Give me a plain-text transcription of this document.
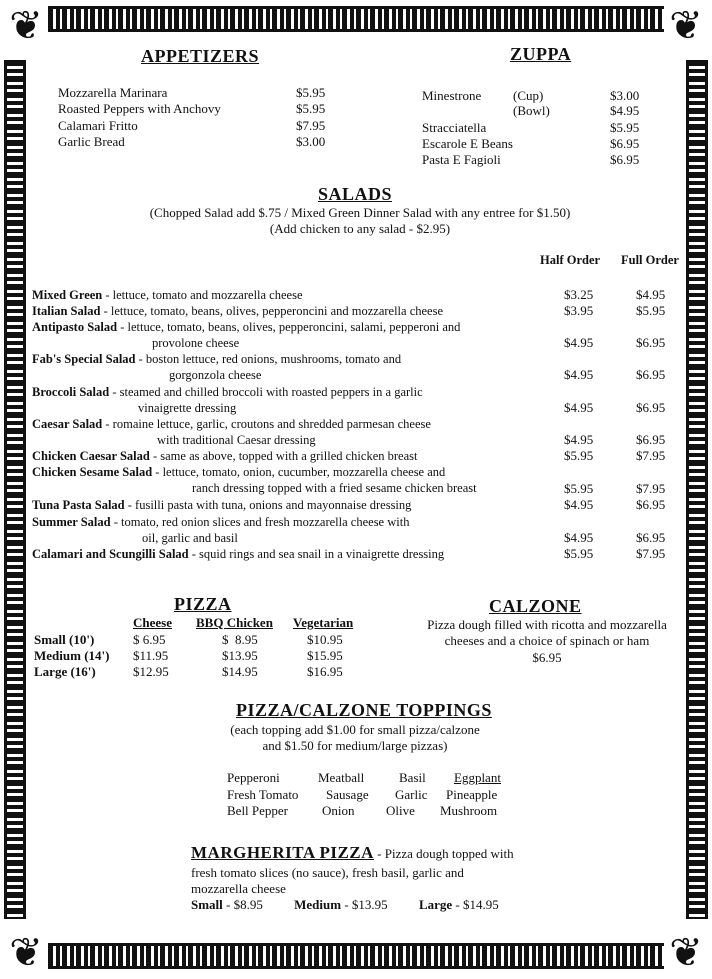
❦	❦
❦	❦
APPETIZERS
Mozzarella Marinara	$5.95
Roasted Peppers with Anchovy	$5.95
Calamari Fritto	$7.95
Garlic Bread	$3.00
ZUPPA
Minestrone (Cup)	$3.00
(Bowl)	$4.95
Stracciatella	$5.95
Escarole E Beans	$6.95
Pasta E Fagioli	$6.95
SALADS
(Chopped Salad add $.75 / Mixed Green Dinner Salad with any entree for $1.50)
(Add chicken to any salad - $2.95)
Half Order Full Order
Mixed Green - lettuce, tomato and mozzarella cheese	$3.25	$4.95
Italian Salad - lettuce, tomato, beans, olives, pepperoncini and mozzarella cheese	$3.95	$5.95
Antipasto Salad - lettuce, tomato, beans, olives, pepperoncini, salami, pepperoni and
provolone cheese	$4.95	$6.95
Fab's Special Salad - boston lettuce, red onions, mushrooms, tomato and
gorgonzola cheese	$4.95	$6.95
Broccoli Salad - steamed and chilled broccoli with roasted peppers in a garlic
vinaigrette dressing	$4.95	$6.95
Caesar Salad - romaine lettuce, garlic, croutons and shredded parmesan cheese
with traditional Caesar dressing	$4.95	$6.95
Chicken Caesar Salad - same as above, topped with a grilled chicken breast	$5.95	$7.95
Chicken Sesame Salad - lettuce, tomato, onion, cucumber, mozzarella cheese and
ranch dressing topped with a fried sesame chicken breast	$5.95	$7.95
Tuna Pasta Salad - fusilli pasta with tuna, onions and mayonnaise dressing	$4.95	$6.95
Summer Salad - tomato, red onion slices and fresh mozzarella cheese with
oil, garlic and basil	$4.95	$6.95
Calamari and Scungilli Salad - squid rings and sea snail in a vinaigrette dressing	$5.95	$7.95
PIZZA
Cheese BBQ Chicken Vegetarian
Small (10')	$ 6.95	$  8.95	$10.95
Medium (14') $11.95	$13.95	$15.95
Large (16')	$12.95	$14.95	$16.95
CALZONE
Pizza dough filled with ricotta and mozzarella
cheeses and a choice of spinach or ham
$6.95
PIZZA/CALZONE TOPPINGS
(each topping add $1.00 for small pizza/calzone
and $1.50 for medium/large pizzas)
Pepperoni	Meatball	Basil Eggplant
Fresh Tomato Sausage Garlic Pineapple
Bell Pepper	Onion Olive Mushroom
MARGHERITA PIZZA - Pizza dough topped with
fresh tomato slices (no sauce), fresh basil, garlic and
mozzarella cheese
Small - $8.95 Medium - $13.95 Large - $14.95
